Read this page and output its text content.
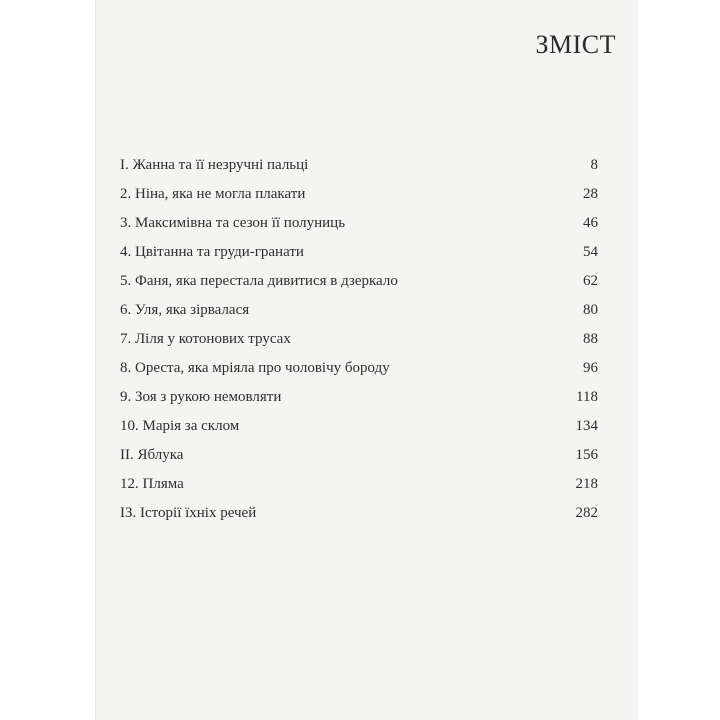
ЗМІСТ
І. Жанна та її незручні пальці	8
2. Ніна, яка не могла плакати	28
3. Максимівна та сезон її полуниць	46
4. Цвітанна та груди-гранати	54
5. Фаня, яка перестала дивитися в дзеркало	62
6. Уля, яка зірвалася	80
7. Ліля у котонових трусах	88
8. Ореста, яка мріяла про чоловічу бороду	96
9. Зоя з рукою немовляти	118
10. Марія за склом	134
ІІ. Яблука	156
12. Пляма	218
ІЗ. Історії їхніх речей	282
